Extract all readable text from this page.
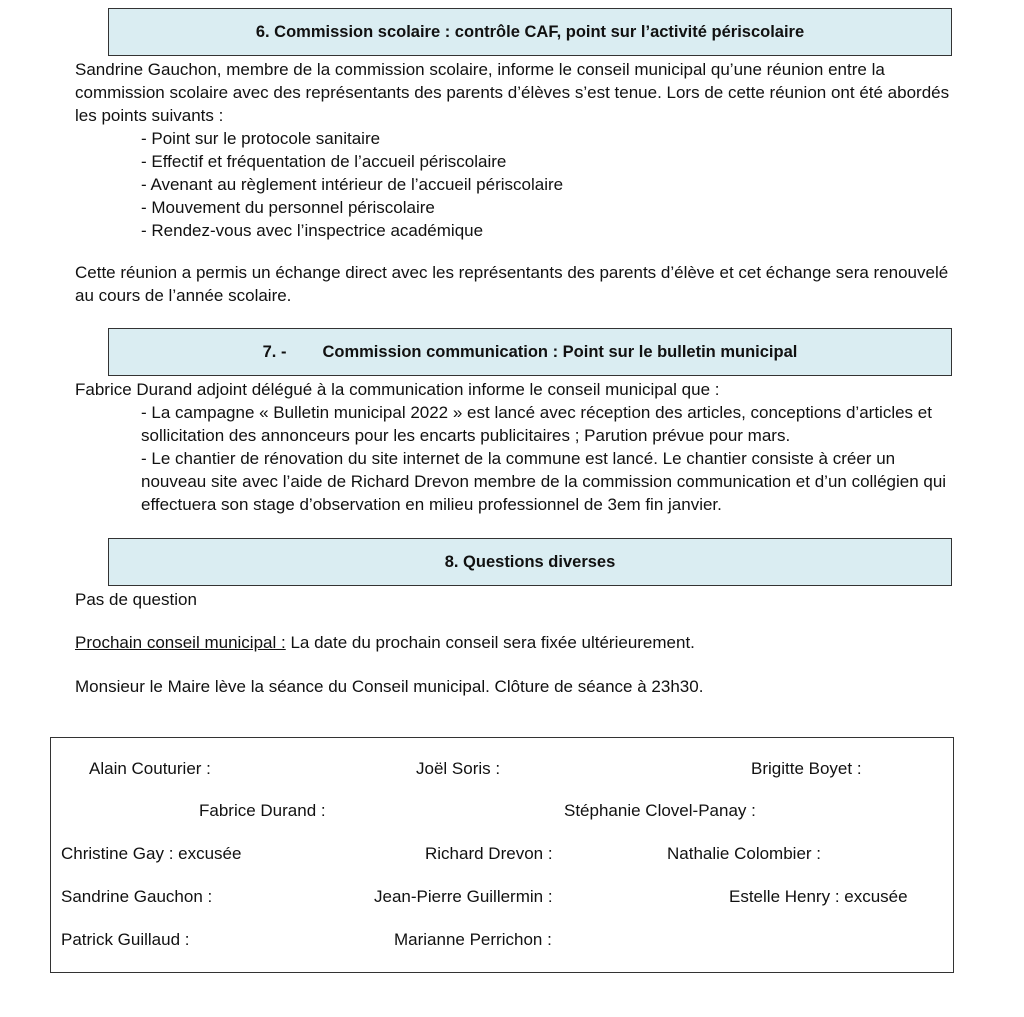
6. Commission scolaire : contrôle CAF, point sur l’activité périscolaire

Sandrine Gauchon, membre de la commission scolaire, informe le conseil municipal qu’une réunion entre la commission scolaire avec des représentants des parents d’élèves s’est tenue. Lors de cette réunion ont été abordés les points suivants :

- Point sur le protocole sanitaire
- Effectif et fréquentation de l’accueil périscolaire
- Avenant au règlement intérieur de l’accueil périscolaire
- Mouvement du personnel périscolaire
- Rendez-vous avec l’inspectrice académique

Cette réunion a permis un échange direct avec les représentants des parents d’élève et cet échange sera renouvelé au cours de l’année scolaire.

7. - Commission communication : Point sur le bulletin municipal

Fabrice Durand adjoint délégué à la communication informe le conseil municipal que :

- La campagne « Bulletin municipal 2022 » est lancé avec réception des articles, conceptions d’articles et sollicitation des annonceurs pour les encarts publicitaires ; Parution prévue pour mars.
- Le chantier de rénovation du site internet de la commune est lancé. Le chantier consiste à créer un nouveau site avec l’aide de Richard Drevon membre de la commission communication et d’un collégien qui effectuera son stage d’observation en milieu professionnel de 3em fin janvier.
8. Questions diverses

Pas de question

Prochain conseil municipal : La date du prochain conseil sera fixée ultérieurement.

Monsieur le Maire lève la séance du Conseil municipal. Clôture de séance à 23h30.

Alain Couturier :	Joël Soris :	Brigitte Boyet :
Fabrice Durand :	Stéphanie Clovel-Panay :
Christine Gay : excusée	Richard Drevon :	Nathalie Colombier :
Sandrine Gauchon :	Jean-Pierre Guillermin :	Estelle Henry : excusée
Patrick Guillaud :	Marianne Perrichon :
